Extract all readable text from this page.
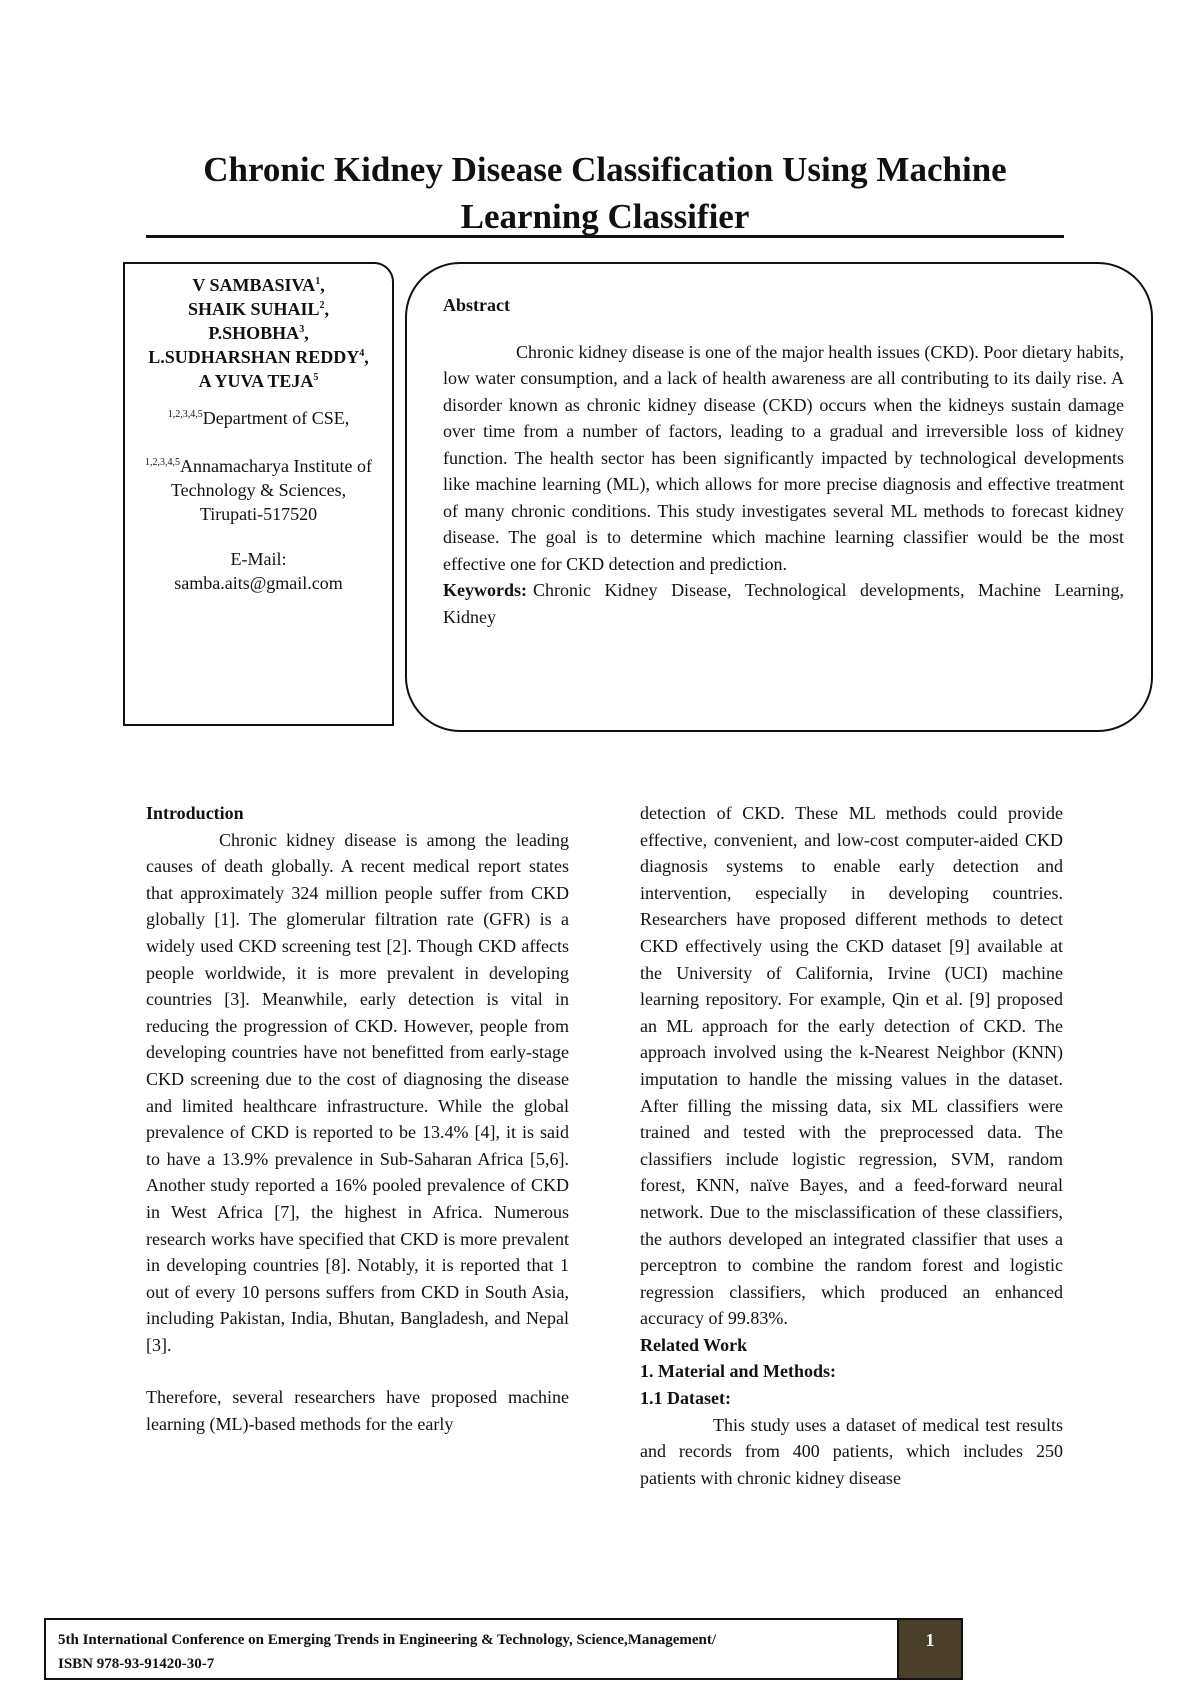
Chronic Kidney Disease Classification Using Machine Learning Classifier
V SAMBASIVA$^1$,
SHAIK SUHAIL$^2$,
P.SHOBHA$^3$,
L.SUDHARSHAN REDDY$^4$,
A YUVA TEJA$^5$
$^{1,2,3,4,5}$Department of CSE,
$^{1,2,3,4,5}$Annamacharya Institute of
Technology & Sciences,
Tirupati-517520
E-Mail:
samba.aits@gmail.com

Abstract

Chronic kidney disease is one of the major health issues (CKD). Poor dietary habits, low water consumption, and a lack of health awareness are all contributing to its daily rise. A disorder known as chronic kidney disease (CKD) occurs when the kidneys sustain damage over time from a number of factors, leading to a gradual and irreversible loss of kidney function. The health sector has been significantly impacted by technological developments like machine learning (ML), which allows for more precise diagnosis and effective treatment of many chronic conditions. This study investigates several ML methods to forecast kidney disease. The goal is to determine which machine learning classifier would be the most effective one for CKD detection and prediction.

Keywords: Chronic Kidney Disease, Technological developments, Machine Learning, Kidney

Introduction

Chronic kidney disease is among the leading causes of death globally. A recent medical report states that approximately 324 million people suffer from CKD globally [1]. The glomerular filtration rate (GFR) is a widely used CKD screening test [2]. Though CKD affects people worldwide, it is more prevalent in developing countries [3]. Meanwhile, early detection is vital in reducing the progression of CKD. However, people from developing countries have not benefitted from early-stage CKD screening due to the cost of diagnosing the disease and limited healthcare infrastructure. While the global prevalence of CKD is reported to be 13.4% [4], it is said to have a 13.9% prevalence in Sub-Saharan Africa [5,6]. Another study reported a 16% pooled prevalence of CKD in West Africa [7], the highest in Africa. Numerous research works have specified that CKD is more prevalent in developing countries [8]. Notably, it is reported that 1 out of every 10 persons suffers from CKD in South Asia, including Pakistan, India, Bhutan, Bangladesh, and Nepal [3].

Therefore, several researchers have proposed machine learning (ML)-based methods for the early

detection of CKD. These ML methods could provide effective, convenient, and low-cost computer-aided CKD diagnosis systems to enable early detection and intervention, especially in developing countries. Researchers have proposed different methods to detect CKD effectively using the CKD dataset [9] available at the University of California, Irvine (UCI) machine learning repository. For example, Qin et al. [9] proposed an ML approach for the early detection of CKD. The approach involved using the k-Nearest Neighbor (KNN) imputation to handle the missing values in the dataset. After filling the missing data, six ML classifiers were trained and tested with the preprocessed data. The classifiers include logistic regression, SVM, random forest, KNN, naïve Bayes, and a feed-forward neural network. Due to the misclassification of these classifiers, the authors developed an integrated classifier that uses a perceptron to combine the random forest and logistic regression classifiers, which produced an enhanced accuracy of 99.83%.

Related Work
1. Material and Methods:
1.1 Dataset:

This study uses a dataset of medical test results and records from 400 patients, which includes 250 patients with chronic kidney disease

5th International Conference on Emerging Trends in Engineering & Technology, Science,Management/
ISBN 978-93-91420-30-7
1
